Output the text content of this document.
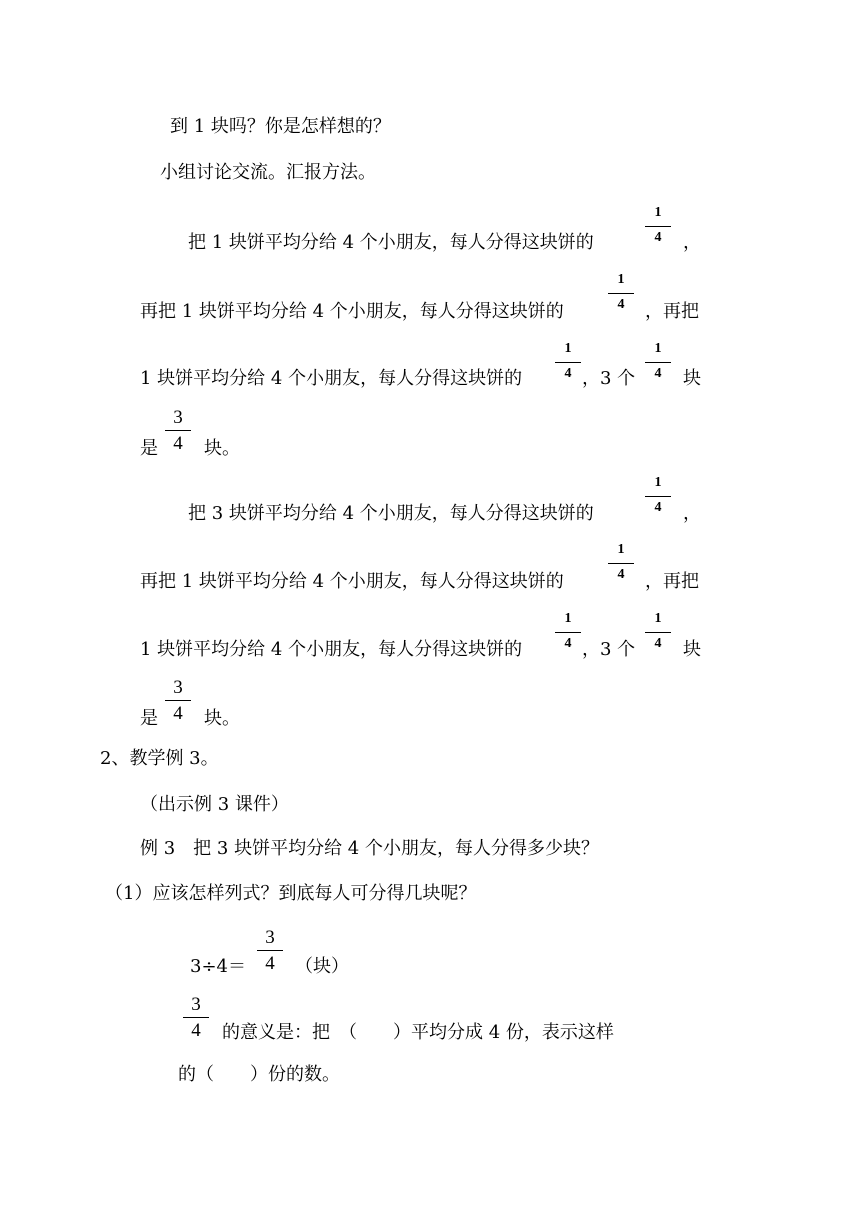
到 1 块吗？你是怎样想的？
小组讨论交流。汇报方法。
把 1 块饼平均分给 4 个小朋友，每人分得这块饼的
1
4	，
再把 1 块饼平均分给 4 个小朋友，每人分得这块饼的
1
4	，再把
1 块饼平均分给 4 个小朋友，每人分得这块饼的
1
4 ，3 个
1
4	块
是
3
4	块。
把 3 块饼平均分给 4 个小朋友，每人分得这块饼的
1
4	，
再把 1 块饼平均分给 4 个小朋友，每人分得这块饼的
1
4	，再把
1 块饼平均分给 4 个小朋友，每人分得这块饼的
1
4 ，3 个
1
4	块
是
3
4	块。
2、教学例 3。
（出示例 3 课件）
例 3　把 3 块饼平均分给 4 个小朋友，每人分得多少块？
（1）应该怎样列式？到底每人可分得几块呢？
3÷4＝
3
4	（块）
3
4	的意义是：把　（　　）平均分成 4 份，表示这样
的（　　）份的数。
